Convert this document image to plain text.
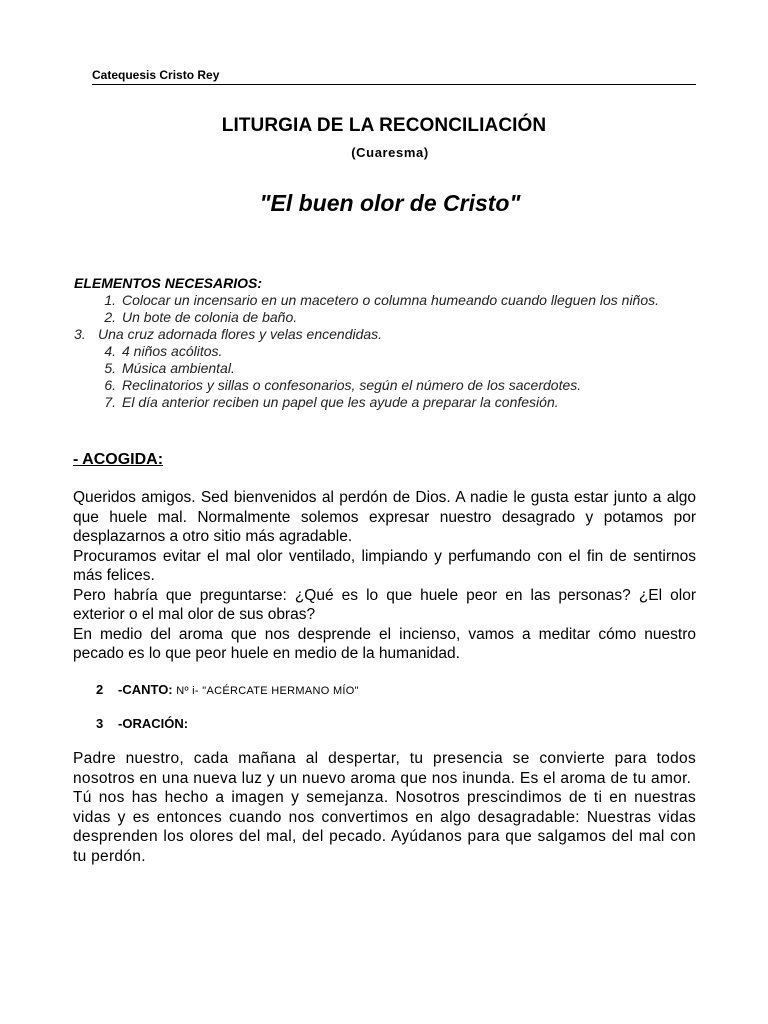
Catequesis Cristo Rey
LITURGIA DE LA RECONCILIACIÓN
(Cuaresma)
"El buen olor de Cristo"
ELEMENTOS NECESARIOS:
1. Colocar un incensario en un macetero o columna humeando cuando lleguen los niños.
2. Un bote de colonia de baño.
3. Una cruz adornada flores y velas encendidas.
4. 4 niños acólitos.
5. Música ambiental.
6. Reclinatorios y sillas o confesonarios, según el número de los sacerdotes.
7. El día anterior reciben un papel que les ayude a preparar la confesión.
- ACOGIDA:

Queridos amigos. Sed bienvenidos al perdón de Dios. A nadie le gusta estar junto a algo que huele mal. Normalmente solemos expresar nuestro desagrado y potamos por desplazarnos a otro sitio más agradable.

Procuramos evitar el mal olor ventilado, limpiando y perfumando con el fin de sentirnos más felices.

Pero habría que preguntarse: ¿Qué es lo que huele peor en las personas? ¿El olor exterior o el mal olor de sus obras?

En medio del aroma que nos desprende el incienso, vamos a meditar cómo nuestro pecado es lo que peor huele en medio de la humanidad.

2 -CANTO: Nº i- "ACÉRCATE HERMANO MÍO"
3 -ORACIÓN:

Padre nuestro, cada mañana al despertar, tu presencia se convierte para todos nosotros en una nueva luz y un nuevo aroma que nos inunda. Es el aroma de tu amor.

Tú nos has hecho a imagen y semejanza. Nosotros prescindimos de ti en nuestras vidas y es entonces cuando nos convertimos en algo desagradable: Nuestras vidas desprenden los olores del mal, del pecado. Ayúdanos para que salgamos del mal con tu perdón.
